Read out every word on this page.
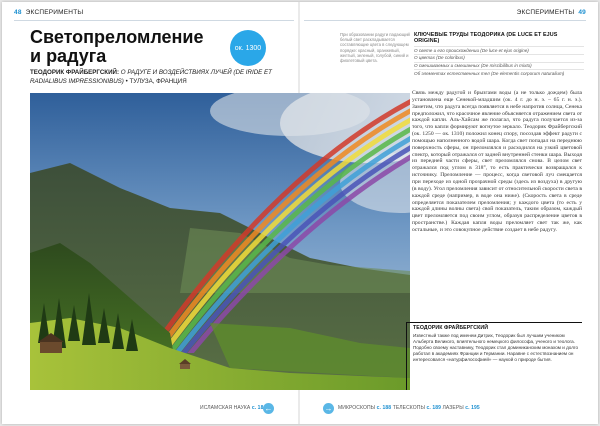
48 ЭКСПЕРИМЕНТЫ	ЭКСПЕРИМЕНТЫ 49
Светопреломление
и радуга	ок. 1300
ТЕОДОРИК ФРАЙБЕРГСКИЙ: О РАДУГЕ И ВОЗДЕЙСТВИЯХ ЛУЧЕЙ (DE IRIDE ET RADIALIBUS IMPRESSIONIBUS) • ТУЛУЗА, ФРАНЦИЯ
При образовании радуги падающий белый свет раскладывается составляющие цвета в следующем порядке: красный, оранжевый, желтый, зеленый, голубой, синий и фиолетовый цвета.
КЛЮЧЕВЫЕ ТРУДЫ ТЕОДОРИКА (DE LUCE ET EJUS ORIGINE)
О свете и его происхождении (De luce et ejus origine)
О цветах (De coloribus)
О смешиваемых и смешанных (De miscibilibus in mixto)
Об элементах естественных тел (De elementis corporum naturalium)
Связь между радугой и брызгами воды (а не только дождем) была установлена еще Сенекой-младшим (ок. 4 г. до н. э. – 65 г. н. э.). Заметим, что радуга всегда появляется в небе напротив солнца, Сенека предположил, что красочное явление объясняется отражением света от каждой капли. Аль-Хайсам же полагал, что радуга получается из-за того, что капли формируют вогнутое зеркало. Теодорик Фрайбергский (ок. 1250 — ок. 1310) положил конец спору, посоздав эффект радуги с помощью наполненного водой шара. Когда свет попадал на переднюю поверхность сферы, он преломлялся и расходился на узкий цветовой спектр, который отражался от задней внутренней стенки шара. Выходя из передней части сферы, свет преломлялся снова. В целом свет отражался под углом в 318°, то есть практически возвращался к источнику. Преломление — процесс, когда световой луч смещается при переходе из одной прозрачной среды (здесь из воздуха) в другую (в воду). Угол преломления зависит от относительной скорости света в каждой среде (например, в воде она ниже). (Скорость света в среде определяется показателем преломления; у каждого цвета (то есть у каждой длины волны света) свой показатель, таким образом, каждый цвет преломляется под своим углом, образуя распределение цветов в пространстве.) Каждая капля воды преломляет свет так же, как остальные, и это совокупное действие создает в небе радугу.
ТЕОДОРИК ФРАЙБЕРГСКИЙ
Известный также под именем Дитрих, Теодорик был лучшим учеником Альберта Великого, влиятельного немецкого философа, ученого и теолога. Подобно своему наставнику, Теодорик стал доминиканским монахом и долго работал в академиях Франции и Германии. Наравне с естествознанием он интересовался «натурфилософией» — наукой о природе бытия.
ИСЛАМСКАЯ НАУКА с. 18 ←	→	МИКРОСКОПЫ с. 188 ТЕЛЕСКОПЫ с. 189 ЛАЗЕРЫ с. 195
